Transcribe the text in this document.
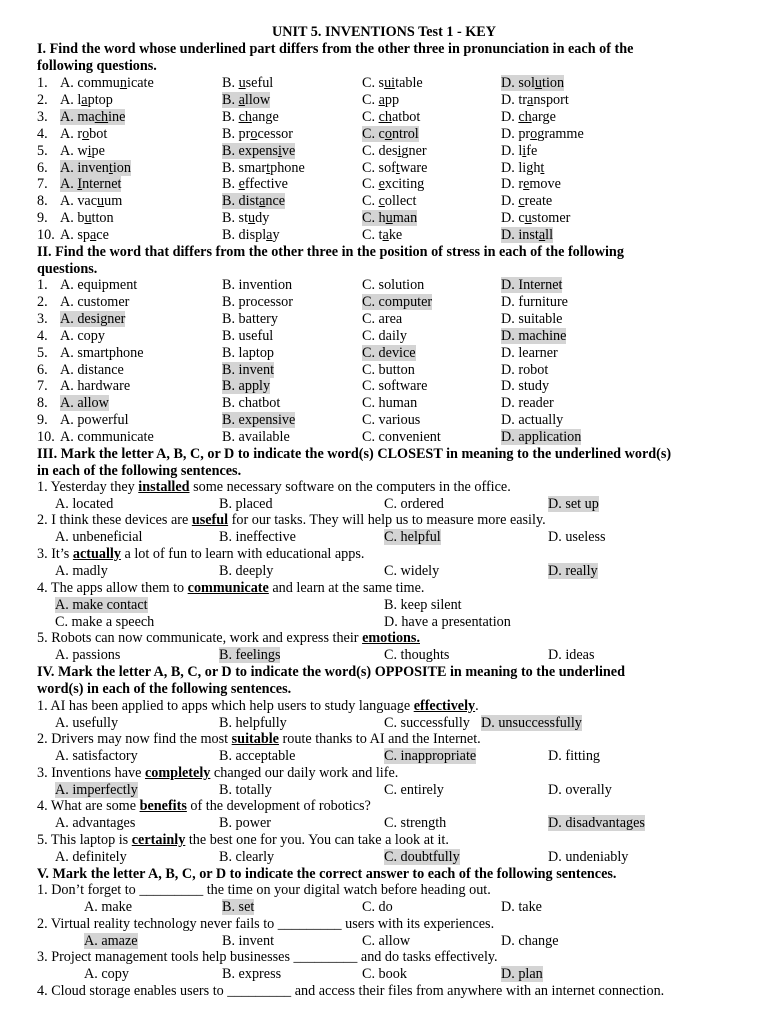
UNIT 5. INVENTIONS Test 1 - KEY
I. Find the word whose underlined part differs from the other three in pronunciation in each of the
following questions.
1. A. communicate	B. useful	C. suitable	D. solution
2. A. laptop	B. allow	C. app	D. transport
3. A. machine	B. change	C. chatbot	D. charge
4. A. robot	B. processor	C. control	D. programme
5. A. wipe	B. expensive	C. designer	D. life
6. A. invention	B. smartphone	C. software	D. light
7. A. Internet	B. effective	C. exciting	D. remove
8. A. vacuum	B. distance	C. collect	D. create
9. A. button	B. study	C. human	D. customer
10. A. space	B. display	C. take	D. install
II. Find the word that differs from the other three in the position of stress in each of the following
questions.
1. A. equipment	B. invention	C. solution	D. Internet
2. A. customer	B. processor	C. computer	D. furniture
3. A. designer	B. battery	C. area	D. suitable
4. A. copy	B. useful	C. daily	D. machine
5. A. smartphone	B. laptop	C. device	D. learner
6. A. distance	B. invent	C. button	D. robot
7. A. hardware	B. apply	C. software	D. study
8. A. allow	B. chatbot	C. human	D. reader
9. A. powerful	B. expensive	C. various	D. actually
10. A. communicate	B. available	C. convenient	D. application
III. Mark the letter A, B, C, or D to indicate the word(s) CLOSEST in meaning to the underlined word(s)
in each of the following sentences.
1. Yesterday they installed some necessary software on the computers in the office.
A. located	B. placed	C. ordered	D. set up
2. I think these devices are useful for our tasks. They will help us to measure more easily.
A. unbeneficial	B. ineffective	C. helpful	D. useless
3. It’s actually a lot of fun to learn with educational apps.
A. madly	B. deeply	C. widely	D. really
4. The apps allow them to communicate and learn at the same time.
A. make contact	B. keep silent
C. make a speech	D. have a presentation
5. Robots can now communicate, work and express their emotions.
A. passions	B. feelings	C. thoughts	D. ideas
IV. Mark the letter A, B, C, or D to indicate the word(s) OPPOSITE in meaning to the underlined
word(s) in each of the following sentences.
1. AI has been applied to apps which help users to study language effectively.
A. usefully	B. helpfully	C. successfully D. unsuccessfully
2. Drivers may now find the most suitable route thanks to AI and the Internet.
A. satisfactory	B. acceptable	C. inappropriate	D. fitting
3. Inventions have completely changed our daily work and life.
A. imperfectly	B. totally	C. entirely	D. overally
4. What are some benefits of the development of robotics?
A. advantages	B. power	C. strength	D. disadvantages
5. This laptop is certainly the best one for you. You can take a look at it.
A. definitely	B. clearly	C. doubtfully	D. undeniably
V. Mark the letter A, B, C, or D to indicate the correct answer to each of the following sentences.
1. Don’t forget to _________ the time on your digital watch before heading out.
A. make	B. set	C. do	D. take
2. Virtual reality technology never fails to _________ users with its experiences.
A. amaze	B. invent	C. allow	D. change
3. Project management tools help businesses _________ and do tasks effectively.
A. copy	B. express	C. book	D. plan
4. Cloud storage enables users to _________ and access their files from anywhere with an internet connection.
